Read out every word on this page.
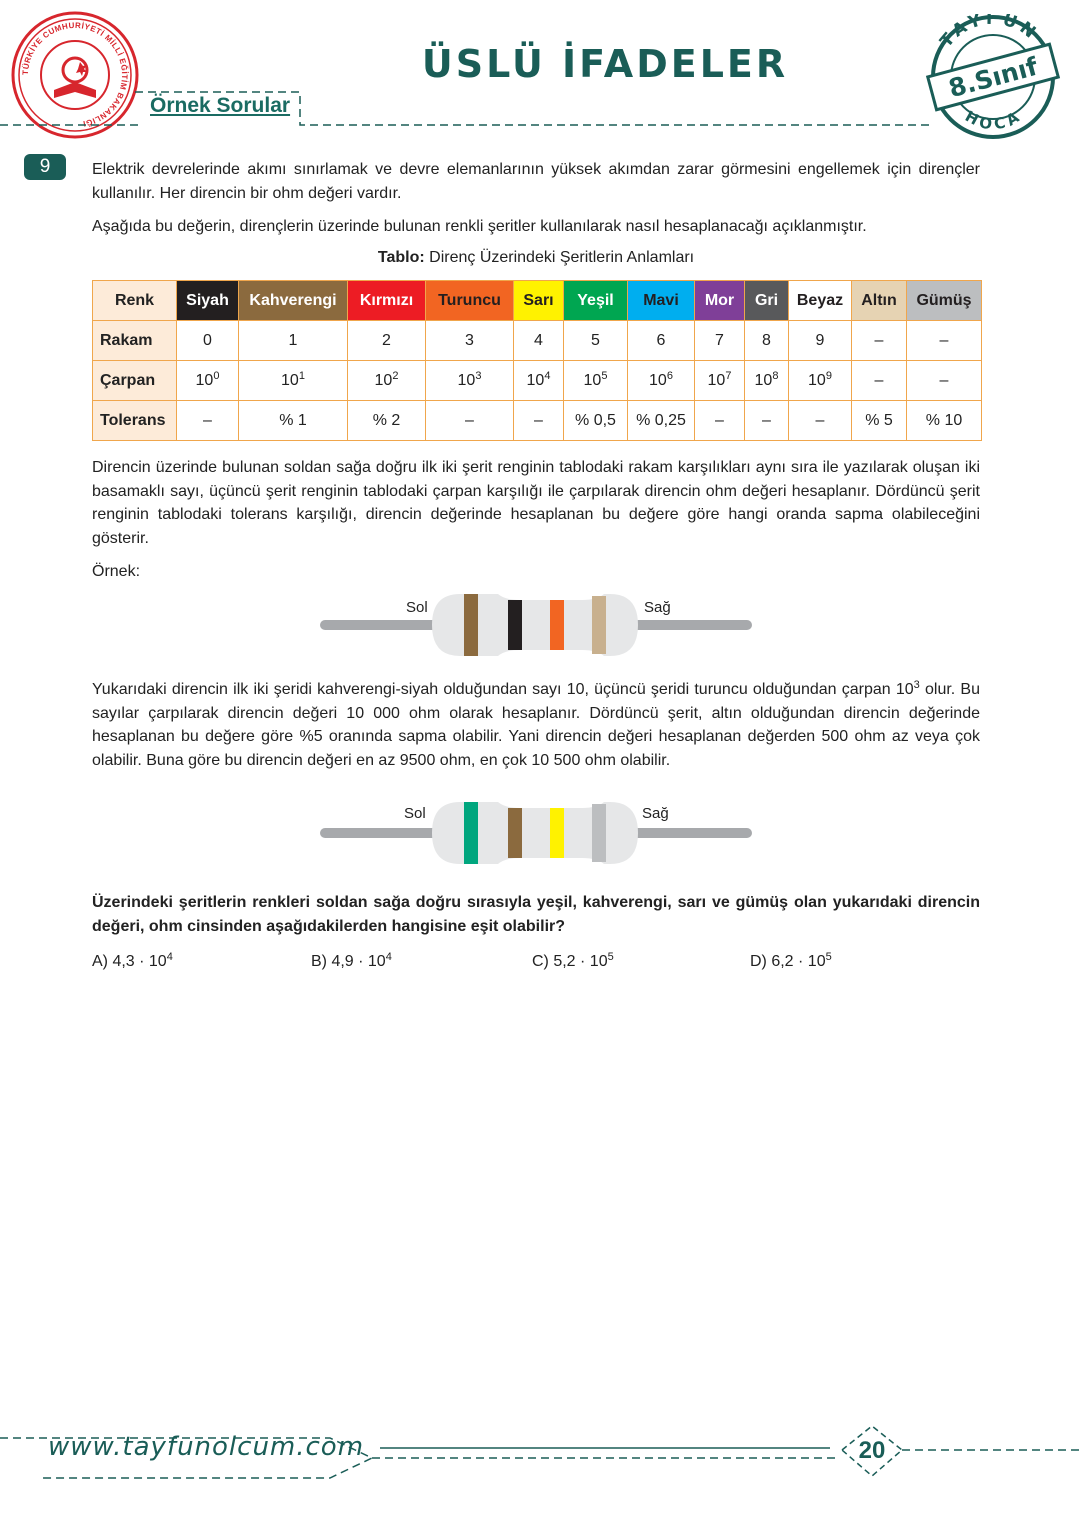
TÜRKİYE CUMHURİYETİ MİLLİ EĞİTİM BAKANLIĞI
ÜSLÜ İFADELER
Örnek Sorular
TAYFUN
HOCA
8.Sınıf
9	Elektrik devrelerinde akımı sınırlamak ve devre elemanlarının yüksek akımdan zarar görmesini engellemek için dirençler kullanılır. Her direncin bir ohm değeri vardır.
Aşağıda bu değerin, dirençlerin üzerinde bulunan renkli şeritler kullanılarak nasıl hesaplanacağı açıklanmıştır.
Tablo: Direnç Üzerindeki Şeritlerin Anlamları
Renk	Siyah	Kahverengi	Kırmızı	Turuncu	Sarı	Yeşil	Mavi	Mor	Gri	Beyaz	Altın	Gümüş
Rakam	0	1	2	3	4	5	6	7	8	9	–	–
Çarpan	$10^0$	$10^1$	$10^2$	$10^3$	$10^4$	$10^5$	$10^6$	$10^7$	$10^8$	$10^9$	–	–
Tolerans	–	% 1	% 2	–	–	% 0,5	% 0,25	–	–	–	% 5	% 10
Direncin üzerinde bulunan soldan sağa doğru ilk iki şerit renginin tablodaki rakam karşılıkları aynı sıra ile yazılarak oluşan iki basamaklı sayı, üçüncü şerit renginin tablodaki çarpan karşılığı ile çarpılarak direncin ohm değeri hesaplanır. Dördüncü şerit renginin tablodaki tolerans karşılığı, direncin değerinde hesaplanan bu değere göre hangi oranda sapma olabileceğini gösterir.
Örnek:
Sol	Sağ
Yukarıdaki direncin ilk iki şeridi kahverengi-siyah olduğundan sayı 10, üçüncü şeridi turuncu olduğundan çarpan $10^3$ olur. Bu sayılar çarpılarak direncin değeri 10 000 ohm olarak hesaplanır. Dördüncü şerit, altın olduğundan direncin değerinde hesaplanan bu değere göre %5 oranında sapma olabilir. Yani direncin değeri hesaplanan değerden 500 ohm az veya çok olabilir. Buna göre bu direncin değeri en az 9500 ohm, en çok 10 500 ohm olabilir.
Sol	Sağ
Üzerindeki şeritlerin renkleri soldan sağa doğru sırasıyla yeşil, kahverengi, sarı ve gümüş olan yukarıdaki direncin değeri, ohm cinsinden aşağıdakilerden hangisine eşit olabilir?
A) $4,3 \cdot 10^4$	B) $4,9 \cdot 10^4$	C) $5,2 \cdot 10^5$	D) $6,2 \cdot 10^5$
www.tayfunolcum.com	20
